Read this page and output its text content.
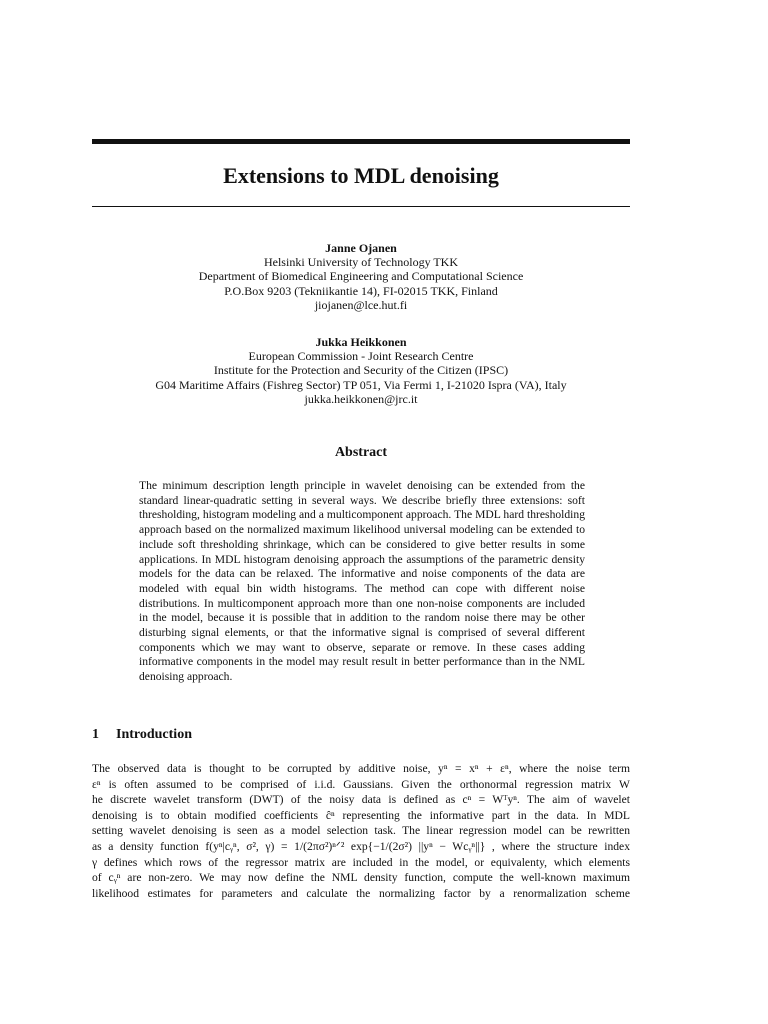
Extensions to MDL denoising
Janne Ojanen
Helsinki University of Technology TKK
Department of Biomedical Engineering and Computational Science
P.O.Box 9203 (Tekniikantie 14), FI-02015 TKK, Finland
jiojanen@lce.hut.fi
Jukka Heikkonen
European Commission - Joint Research Centre
Institute for the Protection and Security of the Citizen (IPSC)
G04 Maritime Affairs (Fishreg Sector) TP 051, Via Fermi 1, I-21020 Ispra (VA), Italy
jukka.heikkonen@jrc.it
Abstract

The minimum description length principle in wavelet denoising can be extended from the standard linear-quadratic setting in several ways. We describe briefly three extensions: soft thresholding, histogram modeling and a multicomponent approach. The MDL hard thresholding approach based on the normalized maximum likelihood universal modeling can be extended to include soft thresholding shrinkage, which can be considered to give better results in some applications. In MDL histogram denoising approach the assumptions of the parametric density models for the data can be relaxed. The informative and noise components of the data are modeled with equal bin width histograms. The method can cope with different noise distributions. In multicomponent approach more than one non-noise components are included in the model, because it is possible that in addition to the random noise there may be other disturbing signal elements, or that the informative signal is comprised of several different components which we may want to observe, separate or remove. In these cases adding informative components in the model may result result in better performance than in the NML denoising approach.

1 Introduction
The observed data is thought to be corrupted by additive noise, yⁿ = xⁿ + εⁿ, where the noise term
εⁿ is often assumed to be comprised of i.i.d. Gaussians. Given the orthonormal regression matrix W
he discrete wavelet transform (DWT) of the noisy data is defined as cⁿ = Wᵀyⁿ. The aim of wavelet
denoising is to obtain modified coefficients ĉⁿ representing the informative part in the data. In MDL
setting wavelet denoising is seen as a model selection task. The linear regression model can be rewritten
as a density function f(yⁿ|cᵧⁿ, σ², γ) = 1/(2πσ²)ⁿᐟ² exp{−1/(2σ²) ||yⁿ − Wcᵧⁿ||} , where the structure index
γ defines which rows of the regressor matrix are included in the model, or equivalenty, which elements
of cᵧⁿ are non-zero. We may now define the NML density function, compute the well-known maximum
likelihood estimates for parameters and calculate the normalizing factor by a renormalization scheme
